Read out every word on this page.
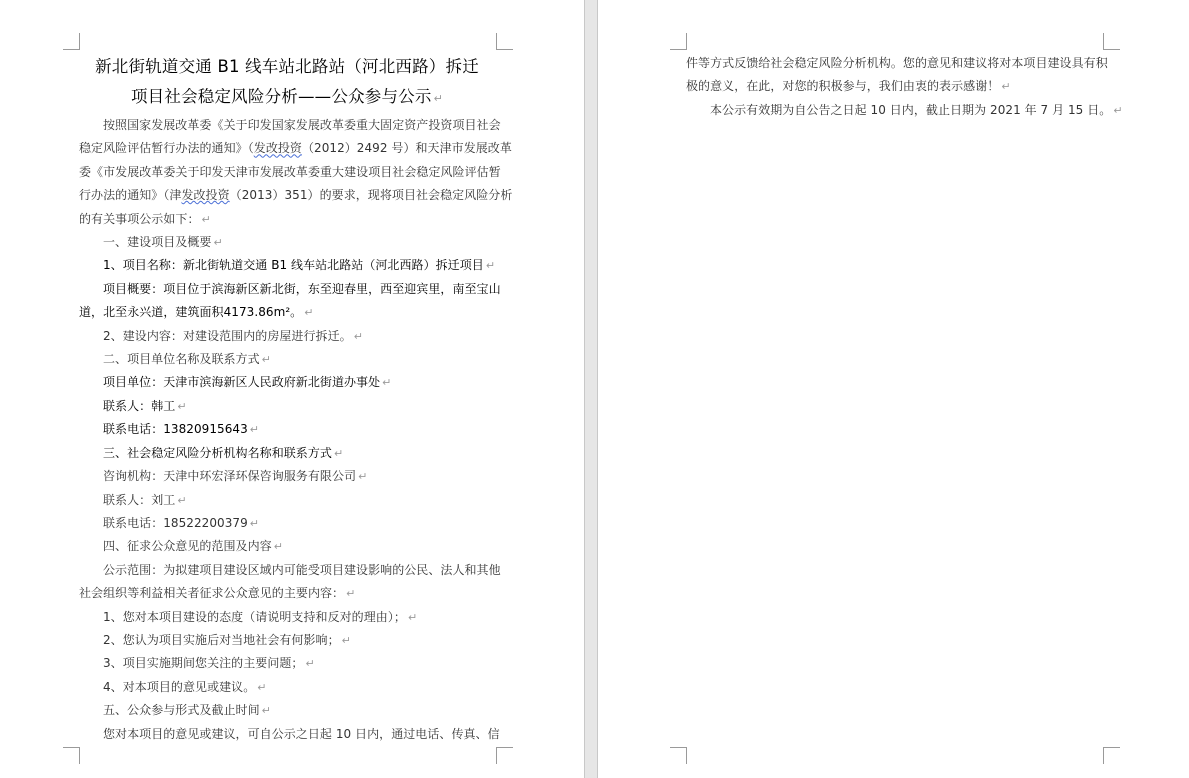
新北街轨道交通 B1 线车站北路站（河北西路）拆迁
项目社会稳定风险分析——公众参与公示 ↵
按照国家发展改革委《关于印发国家发展改革委重大固定资产投资项目社会
稳定风险评估暂行办法的通知》（发改投资（2012）2492 号）和天津市发展改革
委《市发展改革委关于印发天津市发展改革委重大建设项目社会稳定风险评估暂
行办法的通知》（津发改投资（2013）351）的要求，现将项目社会稳定风险分析
的有关事项公示如下： ↵
一、建设项目及概要 ↵
1、项目名称：新北街轨道交通 B1 线车站北路站（河北西路）拆迁项目 ↵
项目概要：项目位于滨海新区新北街，东至迎春里，西至迎宾里，南至宝山
道，北至永兴道，建筑面积4173.86m²。 ↵
2、建设内容：对建设范围内的房屋进行拆迁。 ↵
二、项目单位名称及联系方式 ↵
项目单位：天津市滨海新区人民政府新北街道办事处 ↵
联系人：韩工 ↵
联系电话：13820915643 ↵
三、社会稳定风险分析机构名称和联系方式 ↵
咨询机构：天津中环宏泽环保咨询服务有限公司 ↵
联系人：刘工 ↵
联系电话：18522200379 ↵
四、征求公众意见的范围及内容 ↵
公示范围：为拟建项目建设区域内可能受项目建设影响的公民、法人和其他
社会组织等利益相关者征求公众意见的主要内容： ↵
1、您对本项目建设的态度（请说明支持和反对的理由）； ↵
2、您认为项目实施后对当地社会有何影响； ↵
3、项目实施期间您关注的主要问题； ↵
4、对本项目的意见或建议。 ↵
五、公众参与形式及截止时间 ↵
您对本项目的意见或建议，可自公示之日起 10 日内，通过电话、传真、信
件等方式反馈给社会稳定风险分析机构。您的意见和建议将对本项目建设具有积
极的意义，在此，对您的积极参与，我们由衷的表示感谢！ ↵
本公示有效期为自公告之日起 10 日内，截止日期为 2021 年 7 月 15 日。 ↵
